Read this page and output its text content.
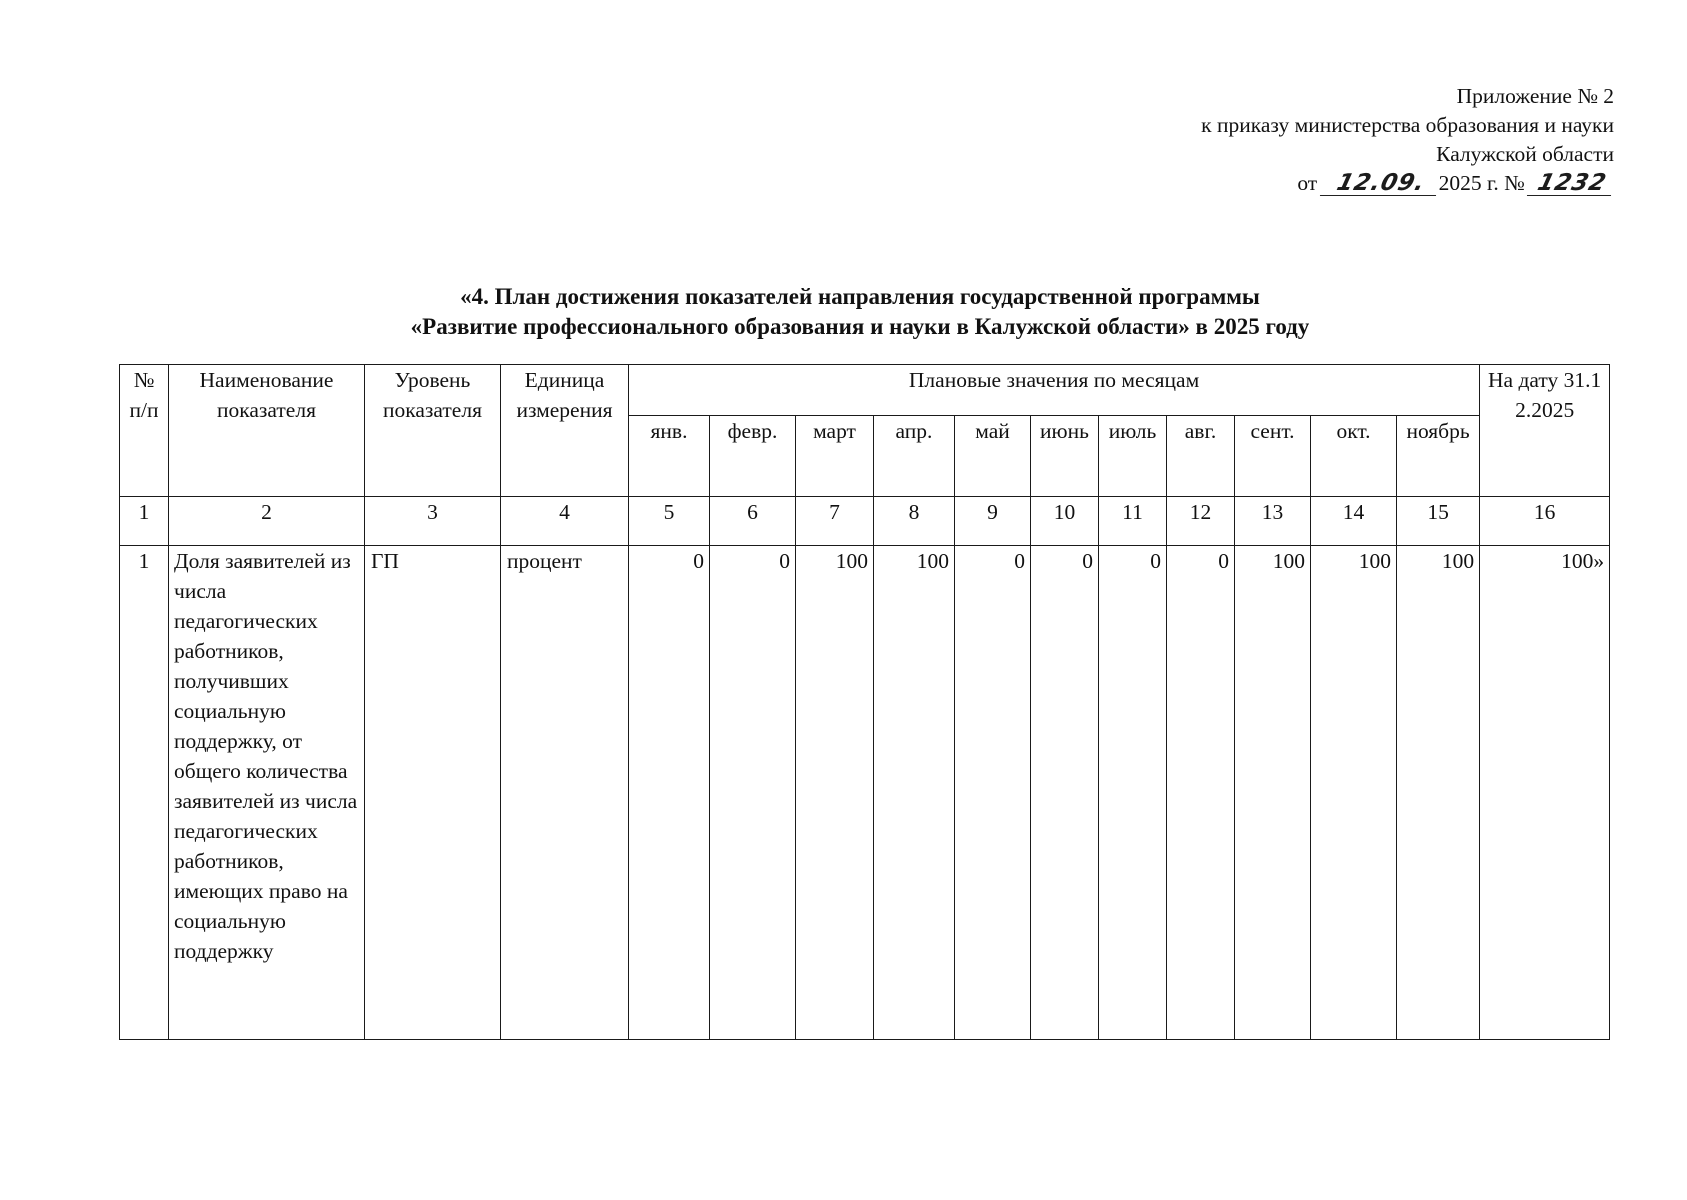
Приложение № 2
к приказу министерства образования и науки
Калужской области
от 12.09. 2025 г. № 1232
«4. План достижения показателей направления государственной программы
«Развитие профессионального образования и науки в Калужской области» в 2025 году
№ п/п	Наименование показателя	Уровень показателя	Единица измерения	Плановые значения по месяцам											На дату 31.12.2025
				янв.	февр.	март	апр.	май	июнь	июль	авг.	сент.	окт.	ноябрь	
1	2	3	4	5	6	7	8	9	10	11	12	13	14	15	16
1	Доля заявителей из числа педагогических работников, получивших социальную поддержку, от общего количества заявителей из числа педагогических работников, имеющих право на социальную поддержку	ГП	процент	0	0	100	100	0	0	0	0	100	100	100	100»
